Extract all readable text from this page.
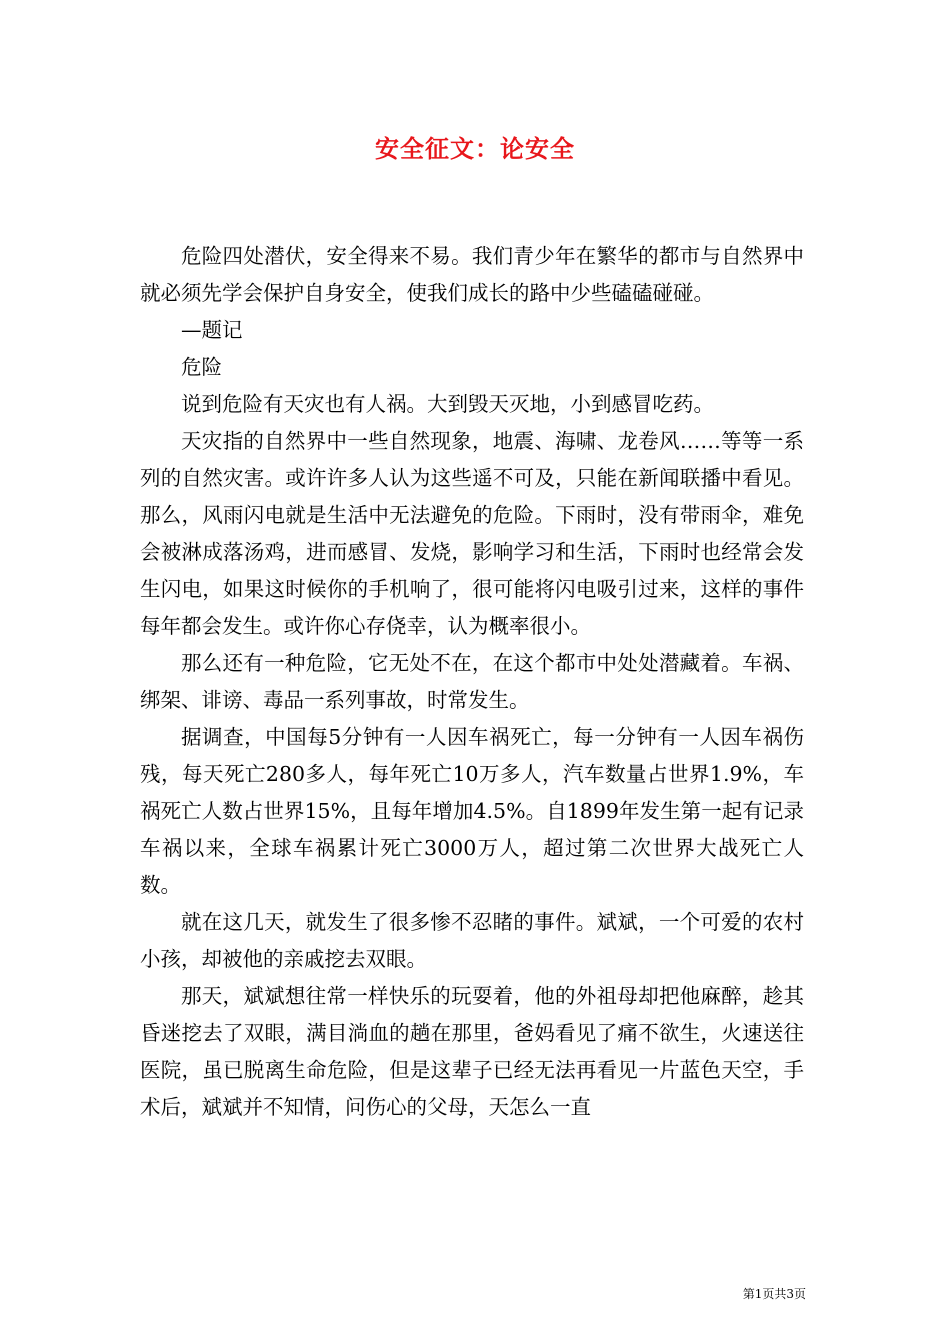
安全征文：论安全

危险四处潜伏，安全得来不易。我们青少年在繁华的都市与自然界中就必须先学会保护自身安全，使我们成长的路中少些磕磕碰碰。

—题记

危险

说到危险有天灾也有人祸。大到毁天灭地，小到感冒吃药。

天灾指的自然界中一些自然现象，地震、海啸、龙卷风……等等一系列的自然灾害。或许许多人认为这些遥不可及，只能在新闻联播中看见。那么，风雨闪电就是生活中无法避免的危险。下雨时，没有带雨伞，难免会被淋成落汤鸡，进而感冒、发烧，影响学习和生活，下雨时也经常会发生闪电，如果这时候你的手机响了，很可能将闪电吸引过来，这样的事件每年都会发生。或许你心存侥幸，认为概率很小。

那么还有一种危险，它无处不在，在这个都市中处处潜藏着。车祸、绑架、诽谤、毒品一系列事故，时常发生。

据调查，中国每5分钟有一人因车祸死亡，每一分钟有一人因车祸伤残，每天死亡280多人，每年死亡10万多人，汽车数量占世界1.9%，车祸死亡人数占世界15%，且每年增加4.5%。自1899年发生第一起有记录车祸以来，全球车祸累计死亡3000万人，超过第二次世界大战死亡人数。

就在这几天，就发生了很多惨不忍睹的事件。斌斌，一个可爱的农村小孩，却被他的亲戚挖去双眼。

那天，斌斌想往常一样快乐的玩耍着，他的外祖母却把他麻醉，趁其昏迷挖去了双眼，满目淌血的趟在那里，爸妈看见了痛不欲生，火速送往医院，虽已脱离生命危险，但是这辈子已经无法再看见一片蓝色天空，手术后，斌斌并不知情，问伤心的父母，天怎么一直

第1页共3页
